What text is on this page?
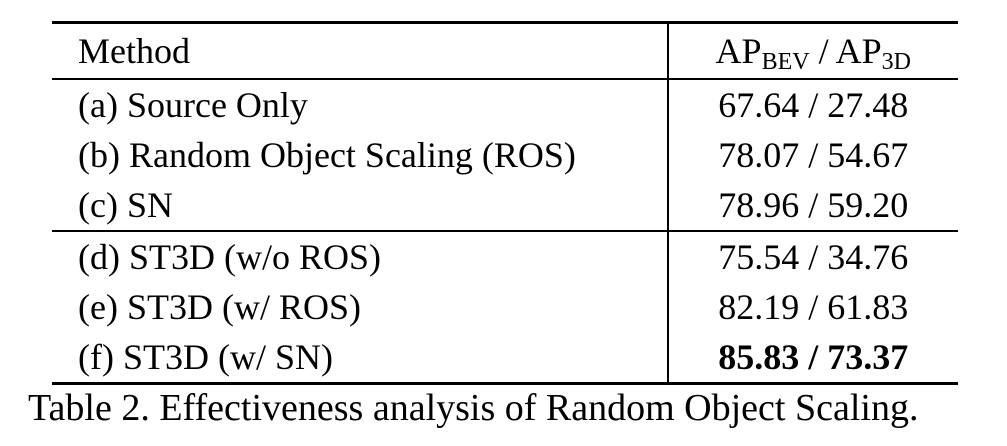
Method	$AP_{BEV} / AP_{3D}$
(a) Source Only	67.64 / 27.48
(b) Random Object Scaling (ROS)	78.07 / 54.67
(c) SN	78.96 / 59.20
(d) ST3D (w/o ROS)	75.54 / 34.76
(e) ST3D (w/ ROS)	82.19 / 61.83
(f) ST3D (w/ SN)	85.83 / 73.37
Table 2. Effectiveness analysis of Random Object Scaling.
